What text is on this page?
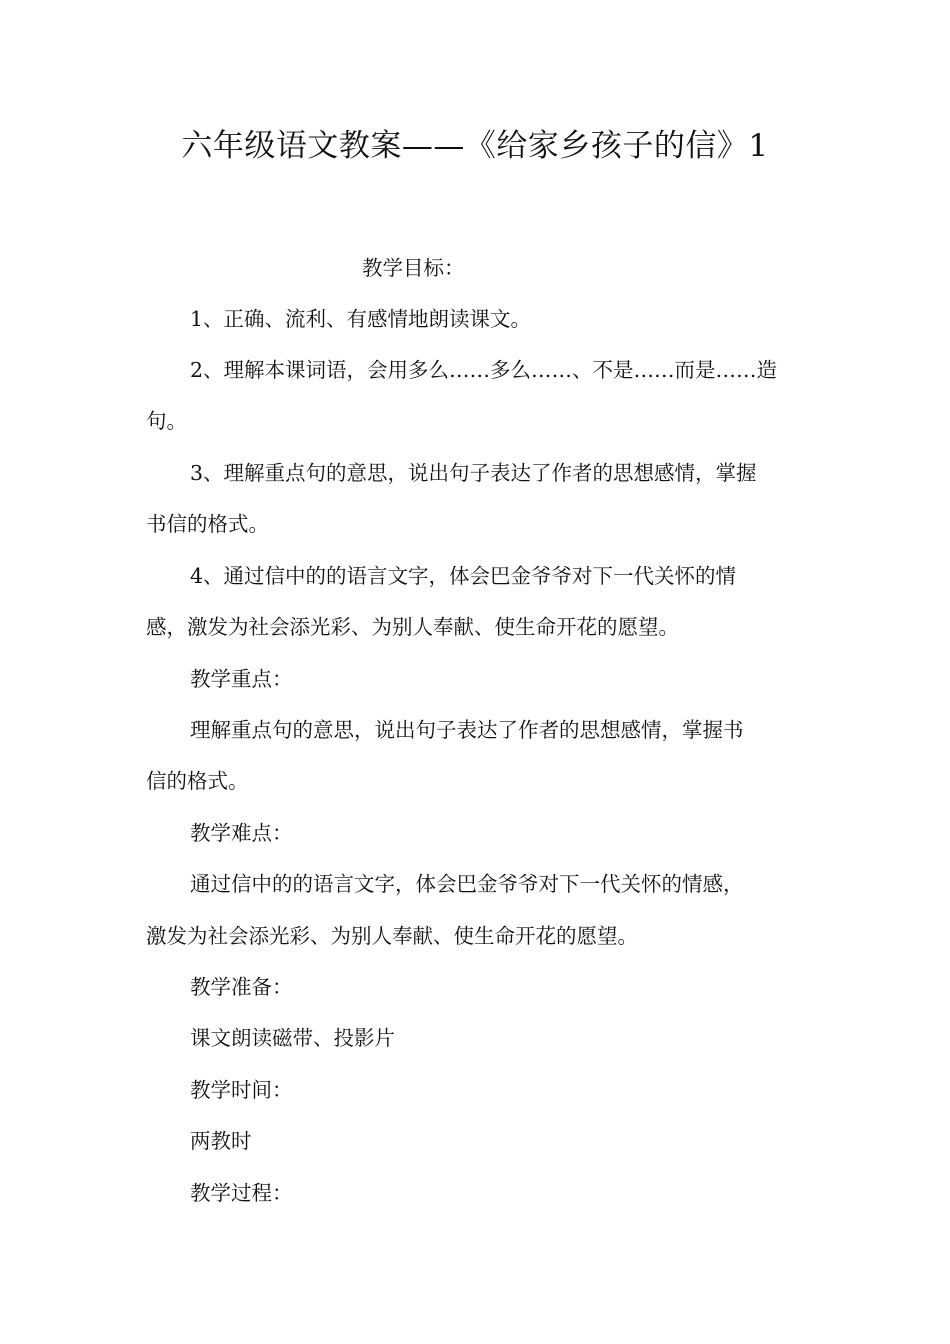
六年级语文教案——《给家乡孩子的信》1
教学目标：
1、正确、流利、有感情地朗读课文。
2、理解本课词语，会用多么……多么……、不是……而是……造
句。
3、理解重点句的意思，说出句子表达了作者的思想感情，掌握
书信的格式。
4、通过信中的的语言文字，体会巴金爷爷对下一代关怀的情
感，激发为社会添光彩、为别人奉献、使生命开花的愿望。
教学重点：
理解重点句的意思，说出句子表达了作者的思想感情，掌握书
信的格式。
教学难点：
通过信中的的语言文字，体会巴金爷爷对下一代关怀的情感，
激发为社会添光彩、为别人奉献、使生命开花的愿望。
教学准备：
课文朗读磁带、投影片
教学时间：
两教时
教学过程：
